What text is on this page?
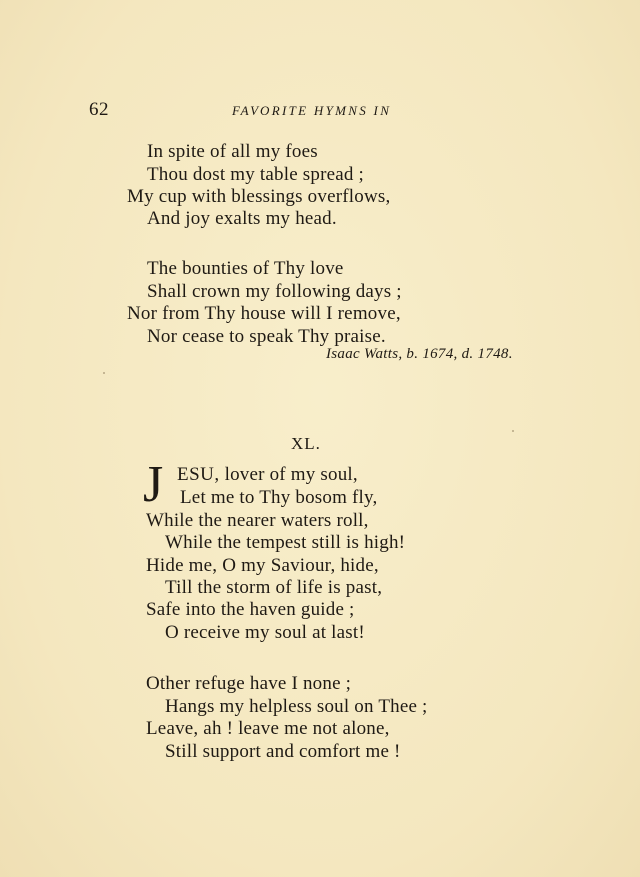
62	FAVORITE HYMNS IN
In spite of all my foes
Thou dost my table spread ;
My cup with blessings overflows,
And joy exalts my head.
The bounties of Thy love
Shall crown my following days ;
Nor from Thy house will I remove,
Nor cease to speak Thy praise.
Isaac Watts, b. 1674, d. 1748.
XL.
J ESU, lover of my soul,
Let me to Thy bosom fly,
While the nearer waters roll,
While the tempest still is high!
Hide me, O my Saviour, hide,
Till the storm of life is past,
Safe into the haven guide ;
O receive my soul at last!
Other refuge have I none ;
Hangs my helpless soul on Thee ;
Leave, ah ! leave me not alone,
Still support and comfort me !
